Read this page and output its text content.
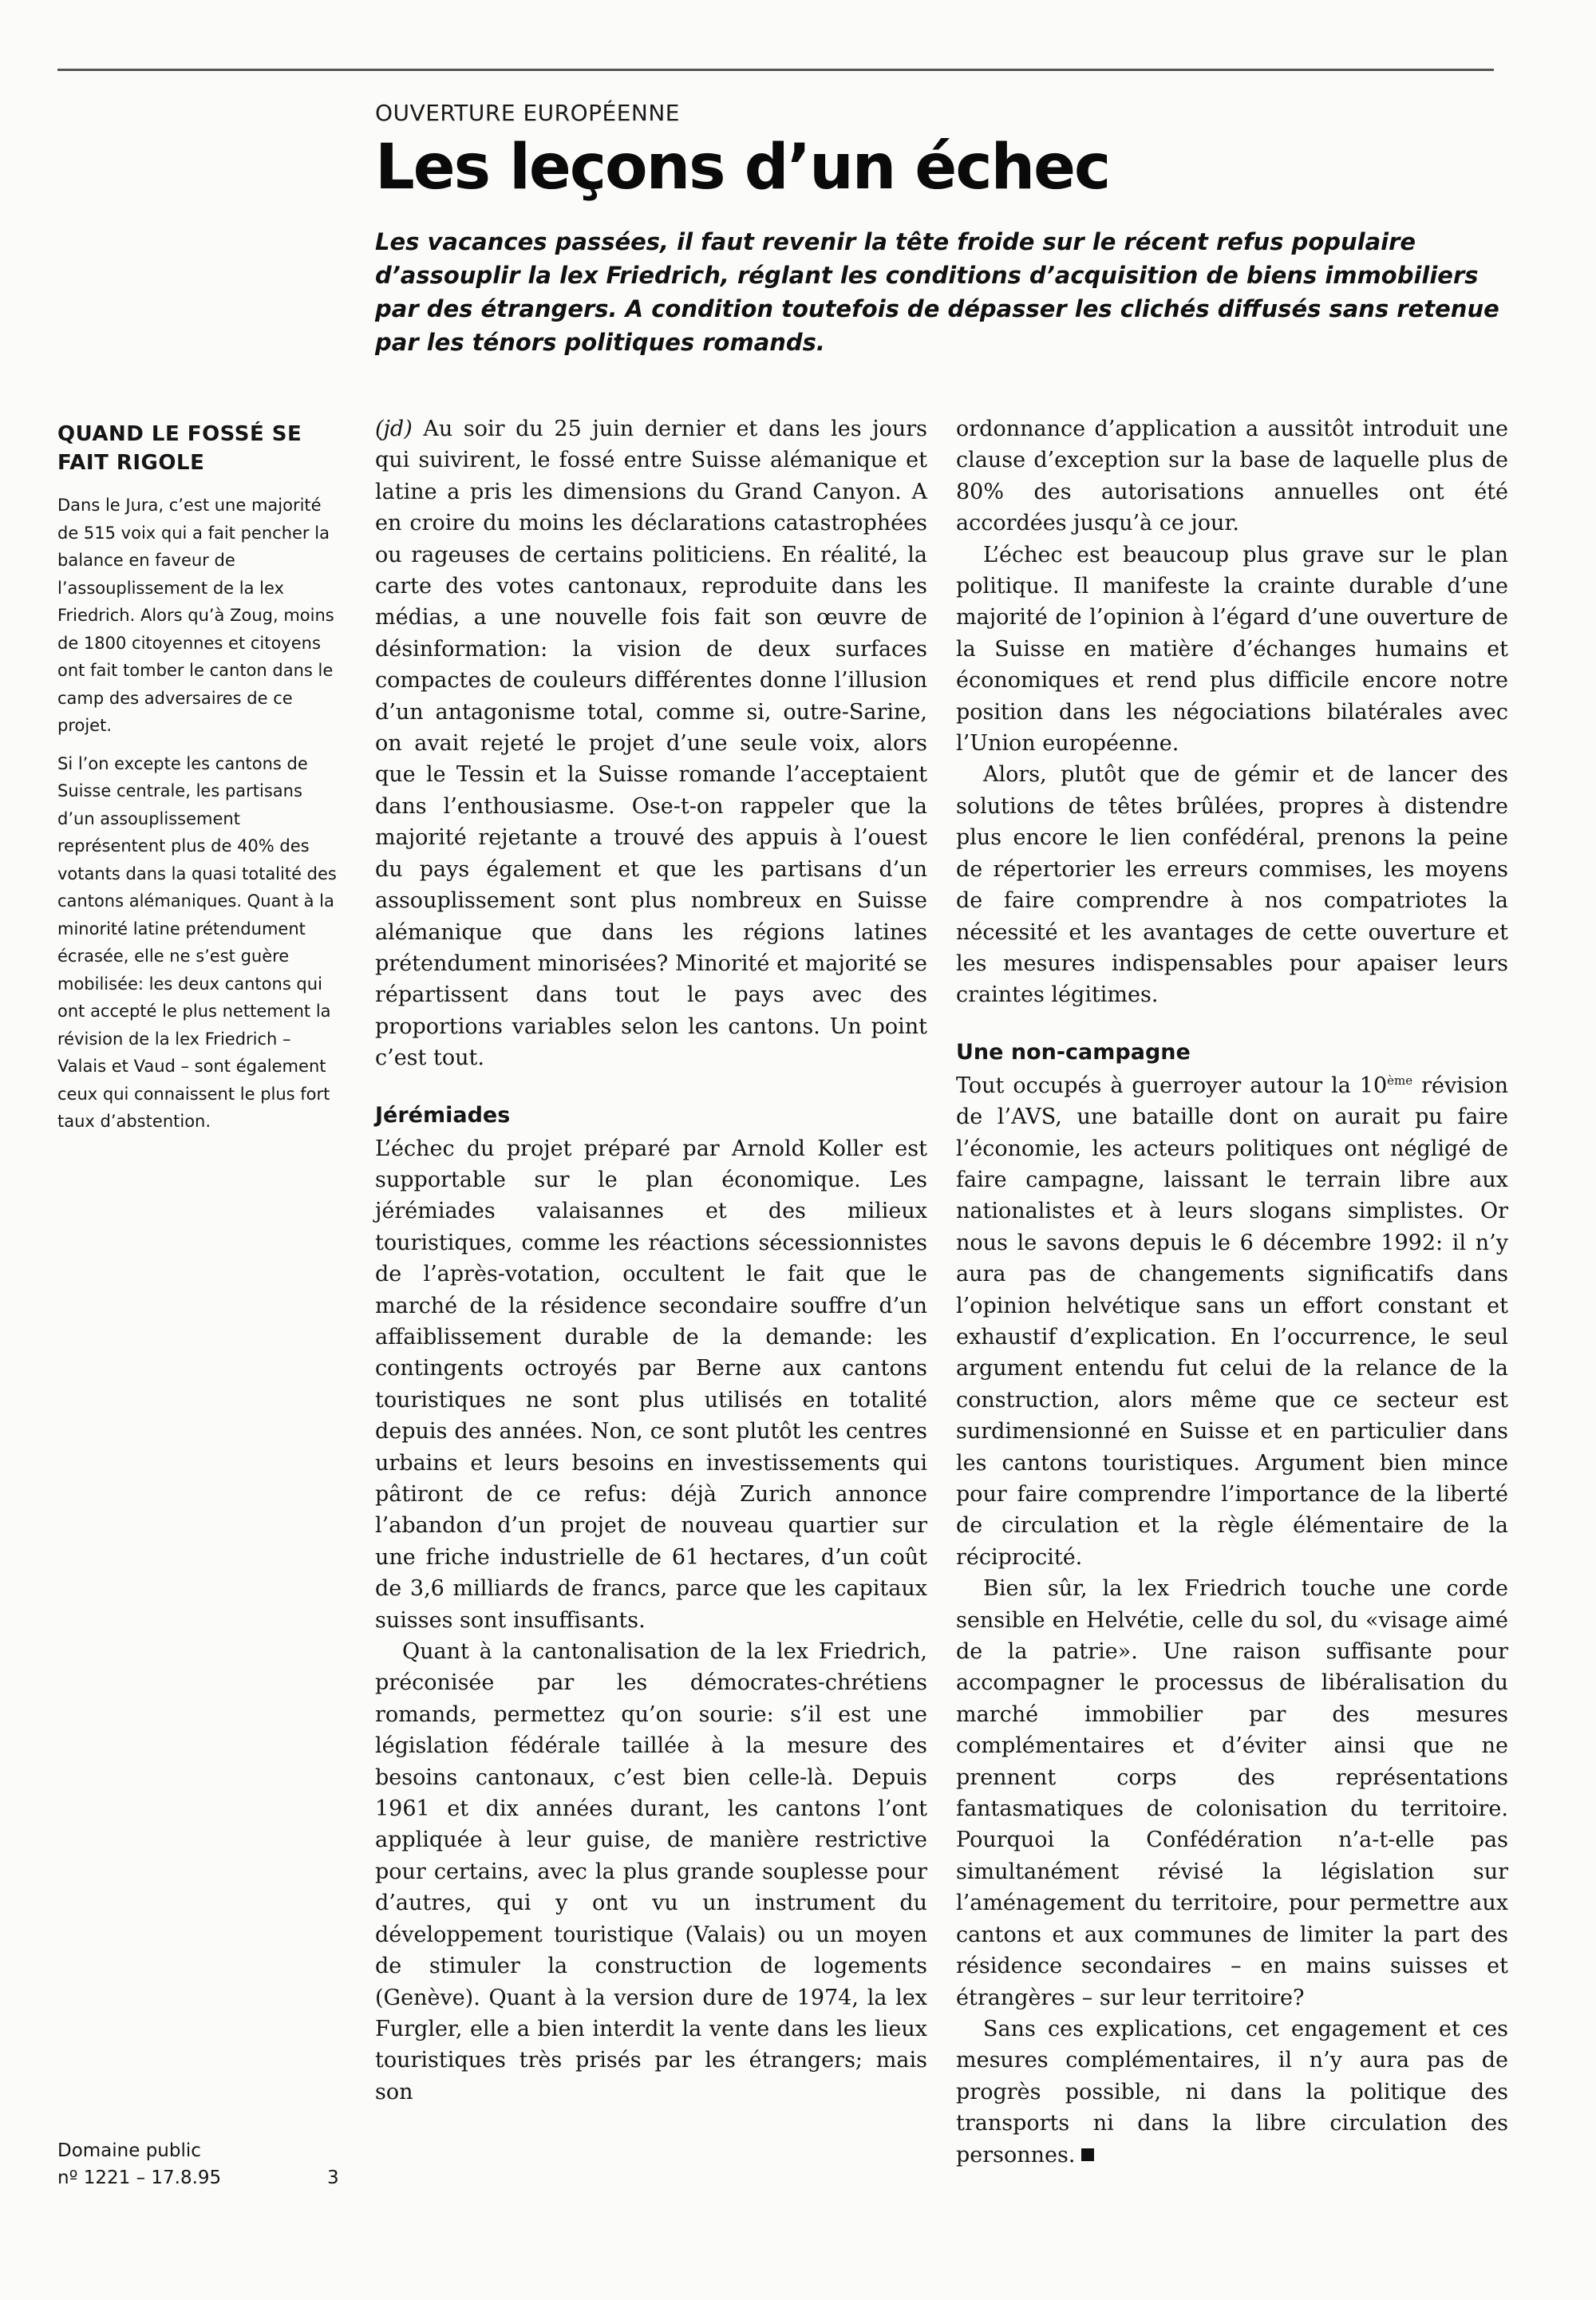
OUVERTURE EUROPÉENNE
Les leçons d’un échec
Les vacances passées, il faut revenir la tête froide sur le récent refus populaire d’assouplir la lex Friedrich, réglant les conditions d’acquisition de biens immobiliers par des étrangers. A condition toutefois de dépasser les clichés diffusés sans retenue par les ténors politiques romands.
QUAND LE FOSSÉ SE FAIT RIGOLE

Dans le Jura, c’est une majorité de 515 voix qui a fait pencher la balance en faveur de l’assouplissement de la lex Friedrich. Alors qu’à Zoug, moins de 1800 citoyennes et citoyens ont fait tomber le canton dans le camp des adversaires de ce projet.

Si l’on excepte les cantons de Suisse centrale, les partisans d’un assouplissement représentent plus de 40% des votants dans la quasi totalité des cantons alémaniques. Quant à la minorité latine prétendument écrasée, elle ne s’est guère mobilisée: les deux cantons qui ont accepté le plus nettement la révision de la lex Friedrich – Valais et Vaud – sont également ceux qui connaissent le plus fort taux d’abstention.

Domaine public
nº 1221 – 17.8.95	3

(jd) Au soir du 25 juin dernier et dans les jours qui suivirent, le fossé entre Suisse alémanique et latine a pris les dimensions du Grand Canyon. A en croire du moins les déclarations catastrophées ou rageuses de certains politiciens. En réalité, la carte des votes cantonaux, reproduite dans les médias, a une nouvelle fois fait son œuvre de désinformation: la vision de deux surfaces compactes de couleurs différentes donne l’illusion d’un antagonisme total, comme si, outre-Sarine, on avait rejeté le projet d’une seule voix, alors que le Tessin et la Suisse romande l’acceptaient dans l’enthousiasme. Ose-t-on rappeler que la majorité rejetante a trouvé des appuis à l’ouest du pays également et que les partisans d’un assouplissement sont plus nombreux en Suisse alémanique que dans les régions latines prétendument minorisées? Minorité et majorité se répartissent dans tout le pays avec des proportions variables selon les cantons. Un point c’est tout.

Jérémiades

L’échec du projet préparé par Arnold Koller est supportable sur le plan économique. Les jérémiades valaisannes et des milieux touristiques, comme les réactions sécessionnistes de l’après-votation, occultent le fait que le marché de la résidence secondaire souffre d’un affaiblissement durable de la demande: les contingents octroyés par Berne aux cantons touristiques ne sont plus utilisés en totalité depuis des années. Non, ce sont plutôt les centres urbains et leurs besoins en investissements qui pâtiront de ce refus: déjà Zurich annonce l’abandon d’un projet de nouveau quartier sur une friche industrielle de 61 hectares, d’un coût de 3,6 milliards de francs, parce que les capitaux suisses sont insuffisants.

Quant à la cantonalisation de la lex Friedrich, préconisée par les démocrates-chrétiens romands, permettez qu’on sourie: s’il est une législation fédérale taillée à la mesure des besoins cantonaux, c’est bien celle-là. Depuis 1961 et dix années durant, les cantons l’ont appliquée à leur guise, de manière restrictive pour certains, avec la plus grande souplesse pour d’autres, qui y ont vu un instrument du développement touristique (Valais) ou un moyen de stimuler la construction de logements (Genève). Quant à la version dure de 1974, la lex Furgler, elle a bien interdit la vente dans les lieux touristiques très prisés par les étrangers; mais son

ordonnance d’application a aussitôt introduit une clause d’exception sur la base de laquelle plus de 80% des autorisations annuelles ont été accordées jusqu’à ce jour.

L’échec est beaucoup plus grave sur le plan politique. Il manifeste la crainte durable d’une majorité de l’opinion à l’égard d’une ouverture de la Suisse en matière d’échanges humains et économiques et rend plus difficile encore notre position dans les négociations bilatérales avec l’Union européenne.

Alors, plutôt que de gémir et de lancer des solutions de têtes brûlées, propres à distendre plus encore le lien confédéral, prenons la peine de répertorier les erreurs commises, les moyens de faire comprendre à nos compatriotes la nécessité et les avantages de cette ouverture et les mesures indispensables pour apaiser leurs craintes légitimes.

Une non-campagne

Tout occupés à guerroyer autour la 10ème révision de l’AVS, une bataille dont on aurait pu faire l’économie, les acteurs politiques ont négligé de faire campagne, laissant le terrain libre aux nationalistes et à leurs slogans simplistes. Or nous le savons depuis le 6 décembre 1992: il n’y aura pas de changements significatifs dans l’opinion helvétique sans un effort constant et exhaustif d’explication. En l’occurrence, le seul argument entendu fut celui de la relance de la construction, alors même que ce secteur est surdimensionné en Suisse et en particulier dans les cantons touristiques. Argument bien mince pour faire comprendre l’importance de la liberté de circulation et la règle élémentaire de la réciprocité.

Bien sûr, la lex Friedrich touche une corde sensible en Helvétie, celle du sol, du «visage aimé de la patrie». Une raison suffisante pour accompagner le processus de libéralisation du marché immobilier par des mesures complémentaires et d’éviter ainsi que ne prennent corps des représentations fantasmatiques de colonisation du territoire. Pourquoi la Confédération n’a-t-elle pas simultanément révisé la législation sur l’aménagement du territoire, pour permettre aux cantons et aux communes de limiter la part des résidence secondaires – en mains suisses et étrangères – sur leur territoire?

Sans ces explications, cet engagement et ces mesures complémentaires, il n’y aura pas de progrès possible, ni dans la politique des transports ni dans la libre circulation des personnes.
